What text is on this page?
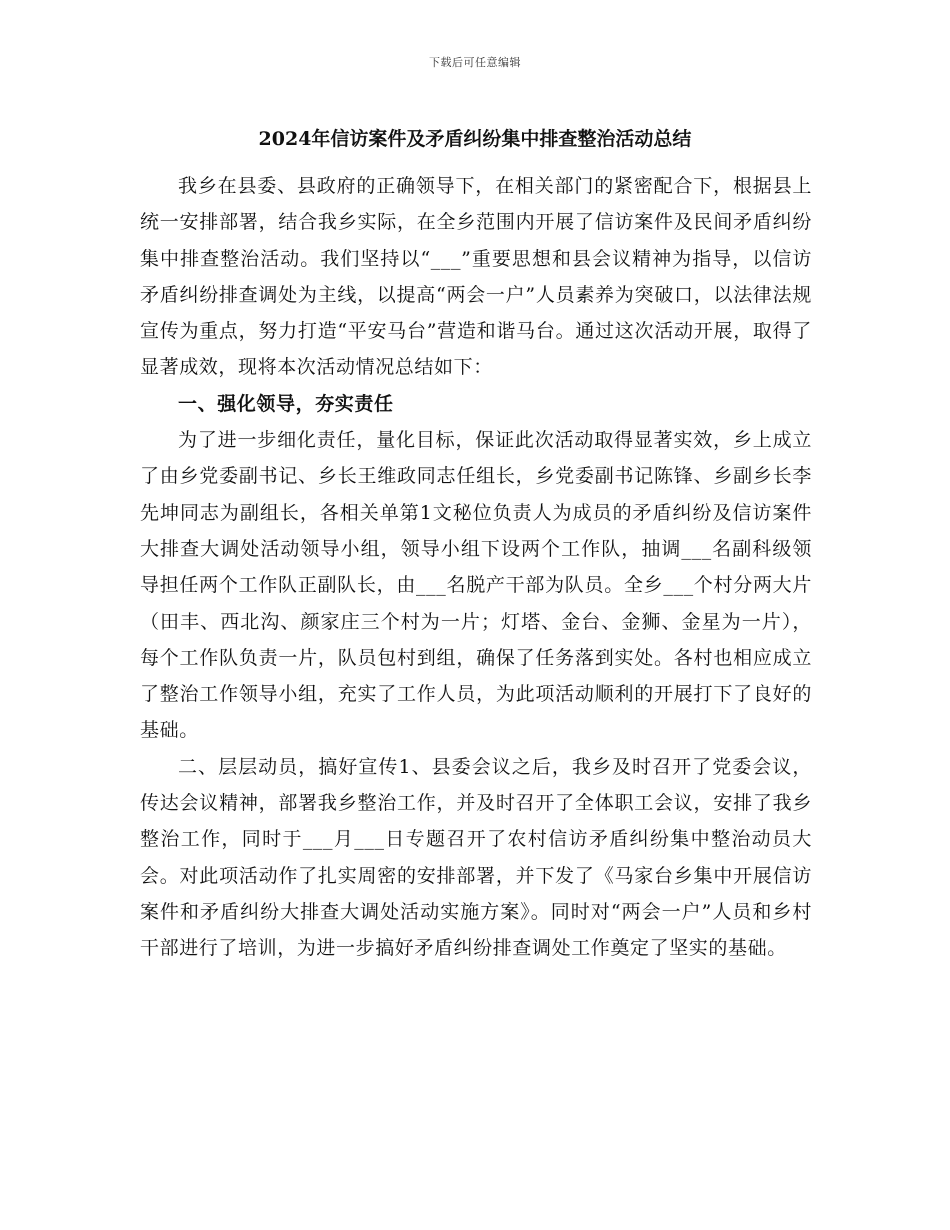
下载后可任意编辑
2024年信访案件及矛盾纠纷集中排查整治活动总结

我乡在县委、县政府的正确领导下，在相关部门的紧密配合下，根据县上统一安排部署，结合我乡实际，在全乡范围内开展了信访案件及民间矛盾纠纷集中排查整治活动。我们坚持以“___”重要思想和县会议精神为指导，以信访矛盾纠纷排查调处为主线，以提高“两会一户”人员素养为突破口，以法律法规宣传为重点，努力打造“平安马台”营造和谐马台。通过这次活动开展，取得了显著成效，现将本次活动情况总结如下：

一、强化领导，夯实责任

为了进一步细化责任，量化目标，保证此次活动取得显著实效，乡上成立了由乡党委副书记、乡长王维政同志任组长，乡党委副书记陈锋、乡副乡长李先坤同志为副组长，各相关单第1文秘位负责人为成员的矛盾纠纷及信访案件大排查大调处活动领导小组，领导小组下设两个工作队，抽调___名副科级领导担任两个工作队正副队长，由___名脱产干部为队员。全乡___个村分两大片（田丰、西北沟、颜家庄三个村为一片；灯塔、金台、金狮、金星为一片），每个工作队负责一片，队员包村到组，确保了任务落到实处。各村也相应成立了整治工作领导小组，充实了工作人员，为此项活动顺利的开展打下了良好的基础。

二、层层动员，搞好宣传1、县委会议之后，我乡及时召开了党委会议，传达会议精神，部署我乡整治工作，并及时召开了全体职工会议，安排了我乡整治工作，同时于___月___日专题召开了农村信访矛盾纠纷集中整治动员大会。对此项活动作了扎实周密的安排部署，并下发了《马家台乡集中开展信访案件和矛盾纠纷大排查大调处活动实施方案》。同时对“两会一户”人员和乡村干部进行了培训，为进一步搞好矛盾纠纷排查调处工作奠定了坚实的基础。
